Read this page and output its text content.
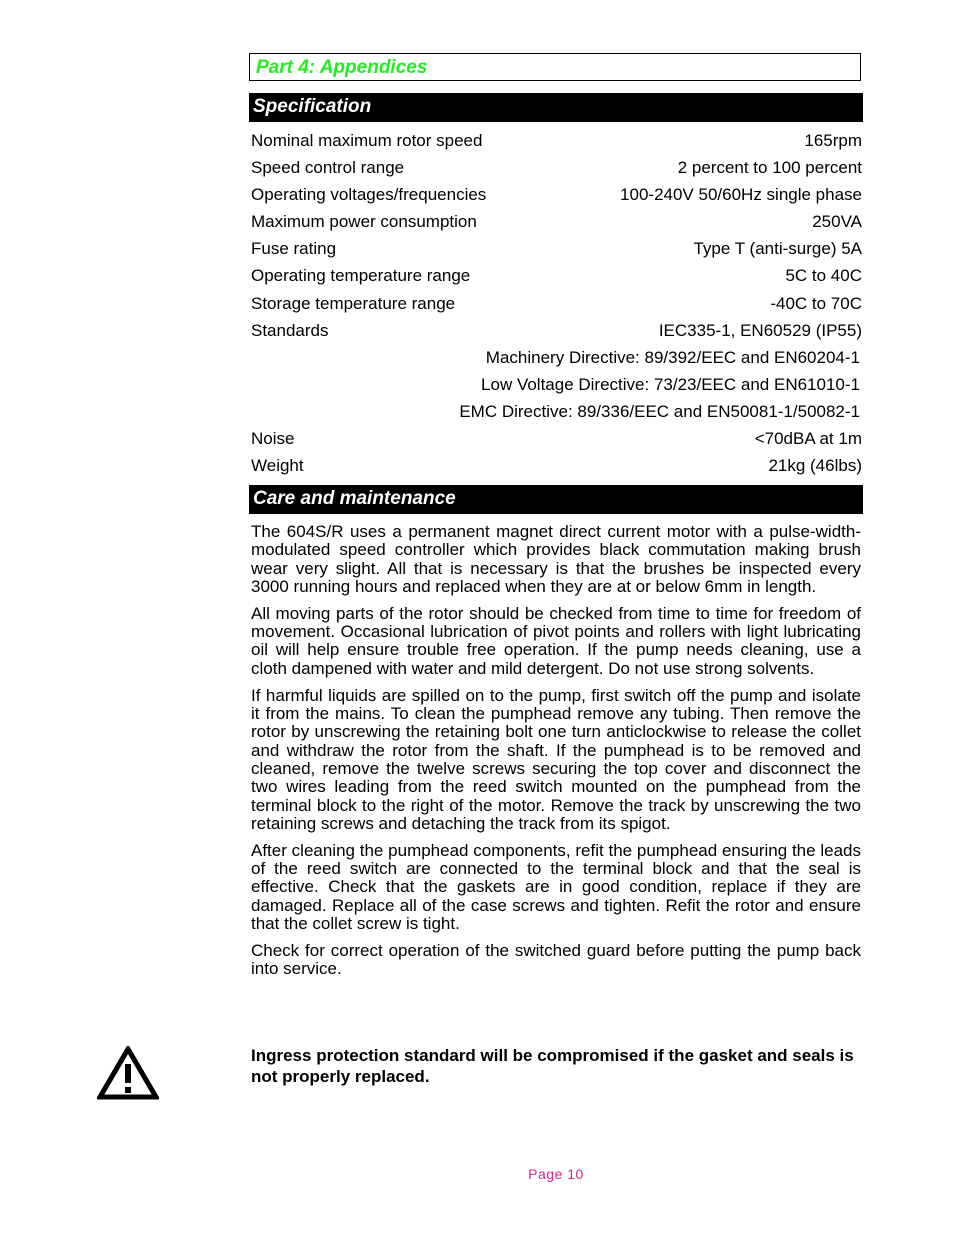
Part 4: Appendices
Specification
Nominal maximum rotor speed	165rpm
Speed control range	2 percent to 100 percent
Operating voltages/frequencies	100-240V 50/60Hz single phase
Maximum power consumption	250VA
Fuse rating	Type T (anti-surge) 5A
Operating temperature range	5C to 40C
Storage temperature range	-40C to 70C
Standards	IEC335-1, EN60529 (IP55)
Machinery Directive: 89/392/EEC and EN60204-1
Low Voltage Directive: 73/23/EEC and EN61010-1
EMC Directive: 89/336/EEC and EN50081-1/50082-1
Noise	<70dBA at 1m
Weight	21kg (46lbs)
Care and maintenance

The 604S/R uses a permanent magnet direct current motor with a pulse-width-modulated speed controller which provides black commutation making brush wear very slight. All that is necessary is that the brushes be inspected every 3000 running hours and replaced when they are at or below 6mm in length.

All moving parts of the rotor should be checked from time to time for freedom of movement. Occasional lubrication of pivot points and rollers with light lubricating oil will help ensure trouble free operation. If the pump needs cleaning, use a cloth dampened with water and mild detergent. Do not use strong solvents.

If harmful liquids are spilled on to the pump, first switch off the pump and isolate it from the mains. To clean the pumphead remove any tubing. Then remove the rotor by unscrewing the retaining bolt one turn anticlockwise to release the collet and withdraw the rotor from the shaft. If the pumphead is to be removed and cleaned, remove the twelve screws securing the top cover and disconnect the two wires leading from the reed switch mounted on the pumphead from the terminal block to the right of the motor. Remove the track by unscrewing the two retaining screws and detaching the track from its spigot.

After cleaning the pumphead components, refit the pumphead ensuring the leads of the reed switch are connected to the terminal block and that the seal is effective. Check that the gaskets are in good condition, replace if they are damaged. Replace all of the case screws and tighten. Refit the rotor and ensure that the collet screw is tight.

Check for correct operation of the switched guard before putting the pump back into service.

Ingress protection standard will be compromised if the gasket and seals is not properly replaced.
Page 10
